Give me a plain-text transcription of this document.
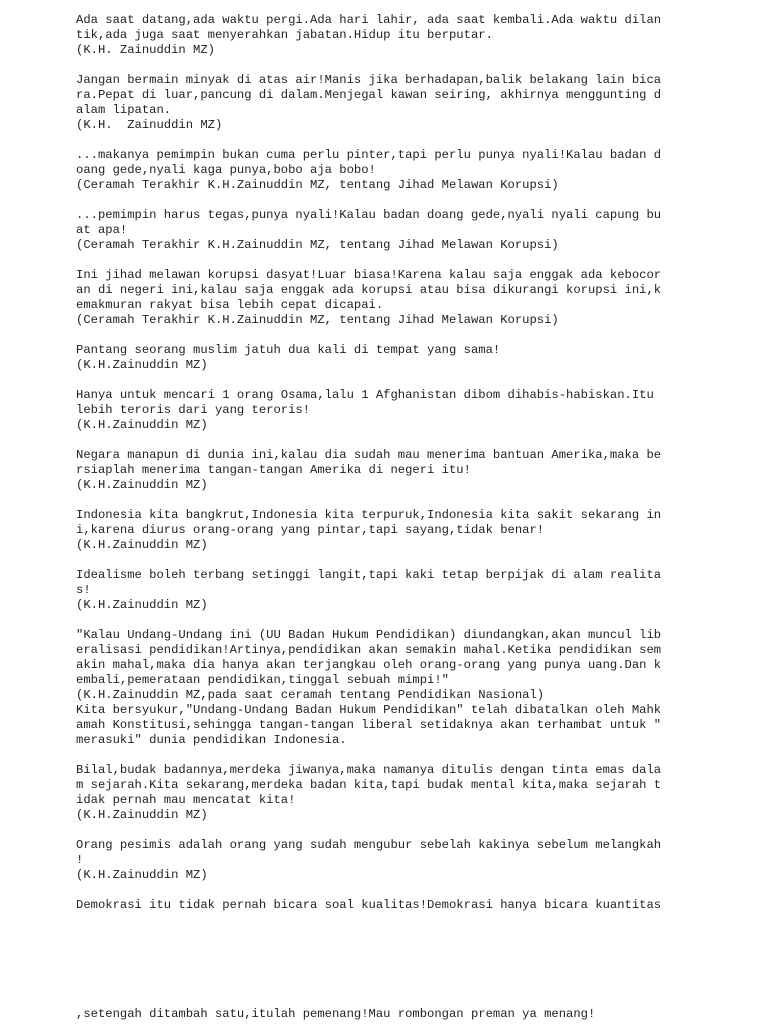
Ada saat datang,ada waktu pergi.Ada hari lahir, ada saat kembali.Ada waktu dilan
tik,ada juga saat menyerahkan jabatan.Hidup itu berputar.
(K.H. Zainuddin MZ)
Jangan bermain minyak di atas air!Manis jika berhadapan,balik belakang lain bica
ra.Pepat di luar,pancung di dalam.Menjegal kawan seiring, akhirnya menggunting d
alam lipatan.
(K.H.  Zainuddin MZ)
...makanya pemimpin bukan cuma perlu pinter,tapi perlu punya nyali!Kalau badan d
oang gede,nyali kaga punya,bobo aja bobo!
(Ceramah Terakhir K.H.Zainuddin MZ, tentang Jihad Melawan Korupsi)
...pemimpin harus tegas,punya nyali!Kalau badan doang gede,nyali nyali capung bu
at apa!
(Ceramah Terakhir K.H.Zainuddin MZ, tentang Jihad Melawan Korupsi)
Ini jihad melawan korupsi dasyat!Luar biasa!Karena kalau saja enggak ada kebocor
an di negeri ini,kalau saja enggak ada korupsi atau bisa dikurangi korupsi ini,k
emakmuran rakyat bisa lebih cepat dicapai.
(Ceramah Terakhir K.H.Zainuddin MZ, tentang Jihad Melawan Korupsi)
Pantang seorang muslim jatuh dua kali di tempat yang sama!
(K.H.Zainuddin MZ)
Hanya untuk mencari 1 orang Osama,lalu 1 Afghanistan dibom dihabis-habiskan.Itu
lebih teroris dari yang teroris!
(K.H.Zainuddin MZ)
Negara manapun di dunia ini,kalau dia sudah mau menerima bantuan Amerika,maka be
rsiaplah menerima tangan-tangan Amerika di negeri itu!
(K.H.Zainuddin MZ)
Indonesia kita bangkrut,Indonesia kita terpuruk,Indonesia kita sakit sekarang in
i,karena diurus orang-orang yang pintar,tapi sayang,tidak benar!
(K.H.Zainuddin MZ)
Idealisme boleh terbang setinggi langit,tapi kaki tetap berpijak di alam realita
s!
(K.H.Zainuddin MZ)
"Kalau Undang-Undang ini (UU Badan Hukum Pendidikan) diundangkan,akan muncul lib
eralisasi pendidikan!Artinya,pendidikan akan semakin mahal.Ketika pendidikan sem
akin mahal,maka dia hanya akan terjangkau oleh orang-orang yang punya uang.Dan k
embali,pemerataan pendidikan,tinggal sebuah mimpi!"
(K.H.Zainuddin MZ,pada saat ceramah tentang Pendidikan Nasional)
Kita bersyukur,"Undang-Undang Badan Hukum Pendidikan" telah dibatalkan oleh Mahk
amah Konstitusi,sehingga tangan-tangan liberal setidaknya akan terhambat untuk "
merasuki" dunia pendidikan Indonesia.
Bilal,budak badannya,merdeka jiwanya,maka namanya ditulis dengan tinta emas dala
m sejarah.Kita sekarang,merdeka badan kita,tapi budak mental kita,maka sejarah t
idak pernah mau mencatat kita!
(K.H.Zainuddin MZ)
Orang pesimis adalah orang yang sudah mengubur sebelah kakinya sebelum melangkah
!
(K.H.Zainuddin MZ)
Demokrasi itu tidak pernah bicara soal kualitas!Demokrasi hanya bicara kuantitas
,setengah ditambah satu,itulah pemenang!Mau rombongan preman ya menang!
